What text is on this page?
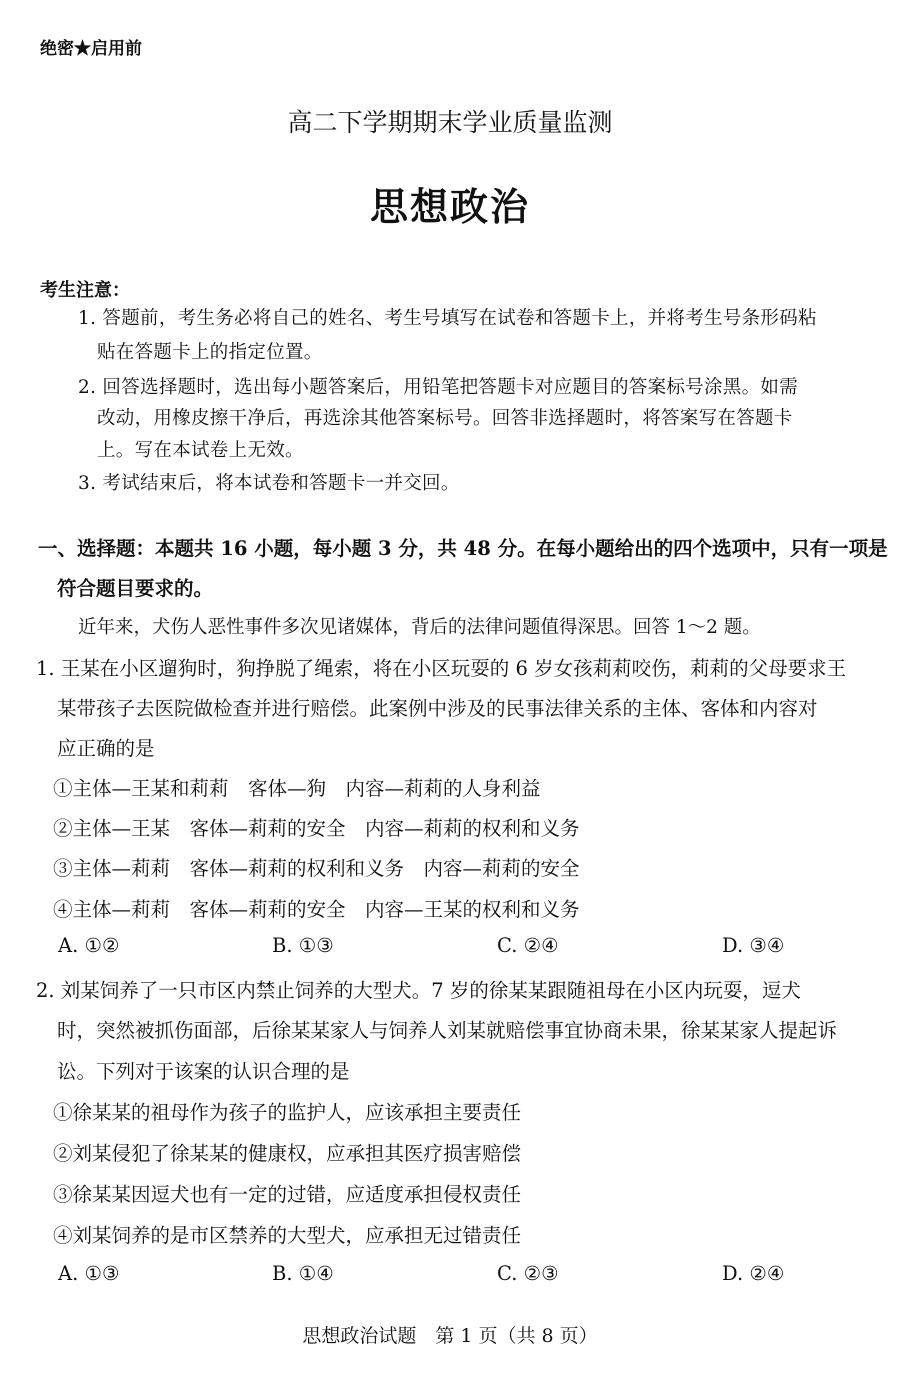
绝密★启用前
高二下学期期末学业质量监测
思想政治
考生注意：
1. 答题前，考生务必将自己的姓名、考生号填写在试卷和答题卡上，并将考生号条形码粘
贴在答题卡上的指定位置。
2. 回答选择题时，选出每小题答案后，用铅笔把答题卡对应题目的答案标号涂黑。如需
改动，用橡皮擦干净后，再选涂其他答案标号。回答非选择题时，将答案写在答题卡
上。写在本试卷上无效。
3. 考试结束后，将本试卷和答题卡一并交回。
一、选择题：本题共 16 小题，每小题 3 分，共 48 分。在每小题给出的四个选项中，只有一项是
符合题目要求的。
近年来，犬伤人恶性事件多次见诸媒体，背后的法律问题值得深思。回答 1～2 题。
1. 王某在小区遛狗时，狗挣脱了绳索，将在小区玩耍的 6 岁女孩莉莉咬伤，莉莉的父母要求王
某带孩子去医院做检查并进行赔偿。此案例中涉及的民事法律关系的主体、客体和内容对
应正确的是
①主体—王某和莉莉　客体—狗　内容—莉莉的人身利益
②主体—王某　客体—莉莉的安全　内容—莉莉的权利和义务
③主体—莉莉　客体—莉莉的权利和义务　内容—莉莉的安全
④主体—莉莉　客体—莉莉的安全　内容—王某的权利和义务
A. ①②	B. ①③	C. ②④	D. ③④
2. 刘某饲养了一只市区内禁止饲养的大型犬。7 岁的徐某某跟随祖母在小区内玩耍，逗犬
时，突然被抓伤面部，后徐某某家人与饲养人刘某就赔偿事宜协商未果，徐某某家人提起诉
讼。下列对于该案的认识合理的是
①徐某某的祖母作为孩子的监护人，应该承担主要责任
②刘某侵犯了徐某某的健康权，应承担其医疗损害赔偿
③徐某某因逗犬也有一定的过错，应适度承担侵权责任
④刘某饲养的是市区禁养的大型犬，应承担无过错责任
A. ①③	B. ①④	C. ②③	D. ②④
思想政治试题　第 1 页（共 8 页）
